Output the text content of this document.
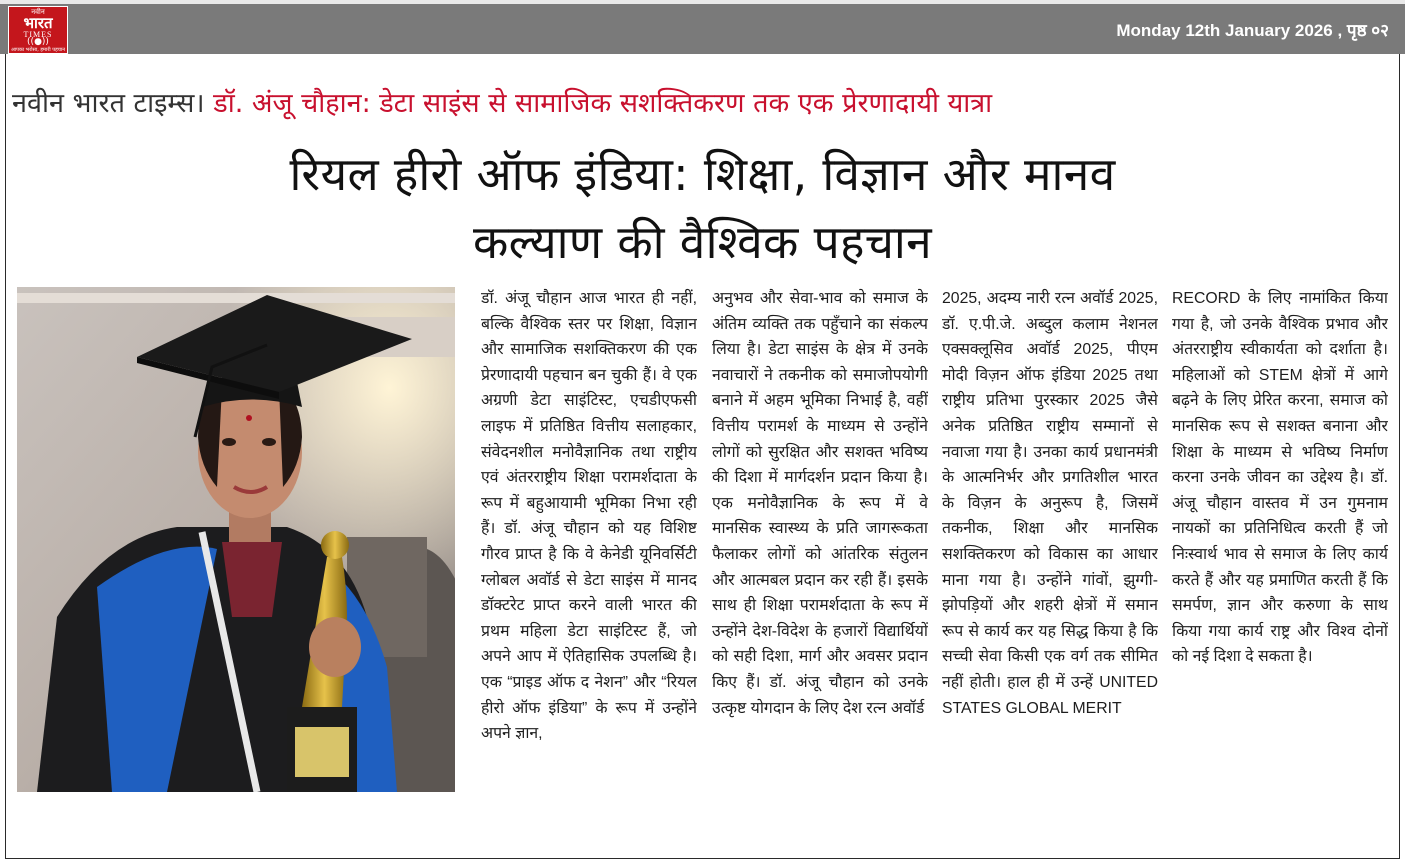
नवीन
भारत
TIMES
((●))
आपका भरोसा, हमारी पहचान
Monday 12th January 2026 , पृष्ठ ०२
नवीन भारत टाइम्स। डॉ. अंजू चौहान: डेटा साइंस से सामाजिक सशक्तिकरण तक एक प्रेरणादायी यात्रा
रियल हीरो ऑफ इंडिया: शिक्षा, विज्ञान और मानव
कल्याण की वैश्विक पहचान
डॉ. अंजू चौहान आज भारत ही नहीं, बल्कि वैश्विक स्तर पर शिक्षा, विज्ञान और सामाजिक सशक्तिकरण की एक प्रेरणादायी पहचान बन चुकी हैं। वे एक अग्रणी डेटा साइंटिस्ट, एचडीएफसी लाइफ में प्रतिष्ठित वित्तीय सलाहकार, संवेदनशील मनोवैज्ञानिक तथा राष्ट्रीय एवं अंतरराष्ट्रीय शिक्षा परामर्शदाता के रूप में बहुआयामी भूमिका निभा रही हैं। डॉ. अंजू चौहान को यह विशिष्ट गौरव प्राप्त है कि वे केनेडी यूनिवर्सिटी ग्लोबल अवॉर्ड से डेटा साइंस में मानद डॉक्टरेट प्राप्त करने वाली भारत की प्रथम महिला डेटा साइंटिस्ट हैं, जो अपने आप में ऐतिहासिक उपलब्धि है। एक “प्राइड ऑफ द नेशन” और “रियल हीरो ऑफ इंडिया” के रूप में उन्होंने अपने ज्ञान,
अनुभव और सेवा-भाव को समाज के अंतिम व्यक्ति तक पहुँचाने का संकल्प लिया है। डेटा साइंस के क्षेत्र में उनके नवाचारों ने तकनीक को समाजोपयोगी बनाने में अहम भूमिका निभाई है, वहीं वित्तीय परामर्श के माध्यम से उन्होंने लोगों को सुरक्षित और सशक्त भविष्य की दिशा में मार्गदर्शन प्रदान किया है। एक मनोवैज्ञानिक के रूप में वे मानसिक स्वास्थ्य के प्रति जागरूकता फैलाकर लोगों को आंतरिक संतुलन और आत्मबल प्रदान कर रही हैं। इसके साथ ही शिक्षा परामर्शदाता के रूप में उन्होंने देश-विदेश के हजारों विद्यार्थियों को सही दिशा, मार्ग और अवसर प्रदान किए हैं। डॉ. अंजू चौहान को उनके उत्कृष्ट योगदान के लिए देश रत्न अवॉर्ड
2025, अदम्य नारी रत्न अवॉर्ड 2025, डॉ. ए.पी.जे. अब्दुल कलाम नेशनल एक्सक्लूसिव अवॉर्ड 2025, पीएम मोदी विज़न ऑफ इंडिया 2025 तथा राष्ट्रीय प्रतिभा पुरस्कार 2025 जैसे अनेक प्रतिष्ठित राष्ट्रीय सम्मानों से नवाजा गया है। उनका कार्य प्रधानमंत्री के आत्मनिर्भर और प्रगतिशील भारत के विज़न के अनुरूप है, जिसमें तकनीक, शिक्षा और मानसिक सशक्तिकरण को विकास का आधार माना गया है। उन्होंने गांवों, झुग्गी-झोपड़ियों और शहरी क्षेत्रों में समान रूप से कार्य कर यह सिद्ध किया है कि सच्ची सेवा किसी एक वर्ग तक सीमित नहीं होती। हाल ही में उन्हें UNITED STATES GLOBAL MERIT
RECORD के लिए नामांकित किया गया है, जो उनके वैश्विक प्रभाव और अंतरराष्ट्रीय स्वीकार्यता को दर्शाता है। महिलाओं को STEM क्षेत्रों में आगे बढ़ने के लिए प्रेरित करना, समाज को मानसिक रूप से सशक्त बनाना और शिक्षा के माध्यम से भविष्य निर्माण करना उनके जीवन का उद्देश्य है। डॉ. अंजू चौहान वास्तव में उन गुमनाम नायकों का प्रतिनिधित्व करती हैं जो निःस्वार्थ भाव से समाज के लिए कार्य करते हैं और यह प्रमाणित करती हैं कि समर्पण, ज्ञान और करुणा के साथ किया गया कार्य राष्ट्र और विश्व दोनों को नई दिशा दे सकता है।
